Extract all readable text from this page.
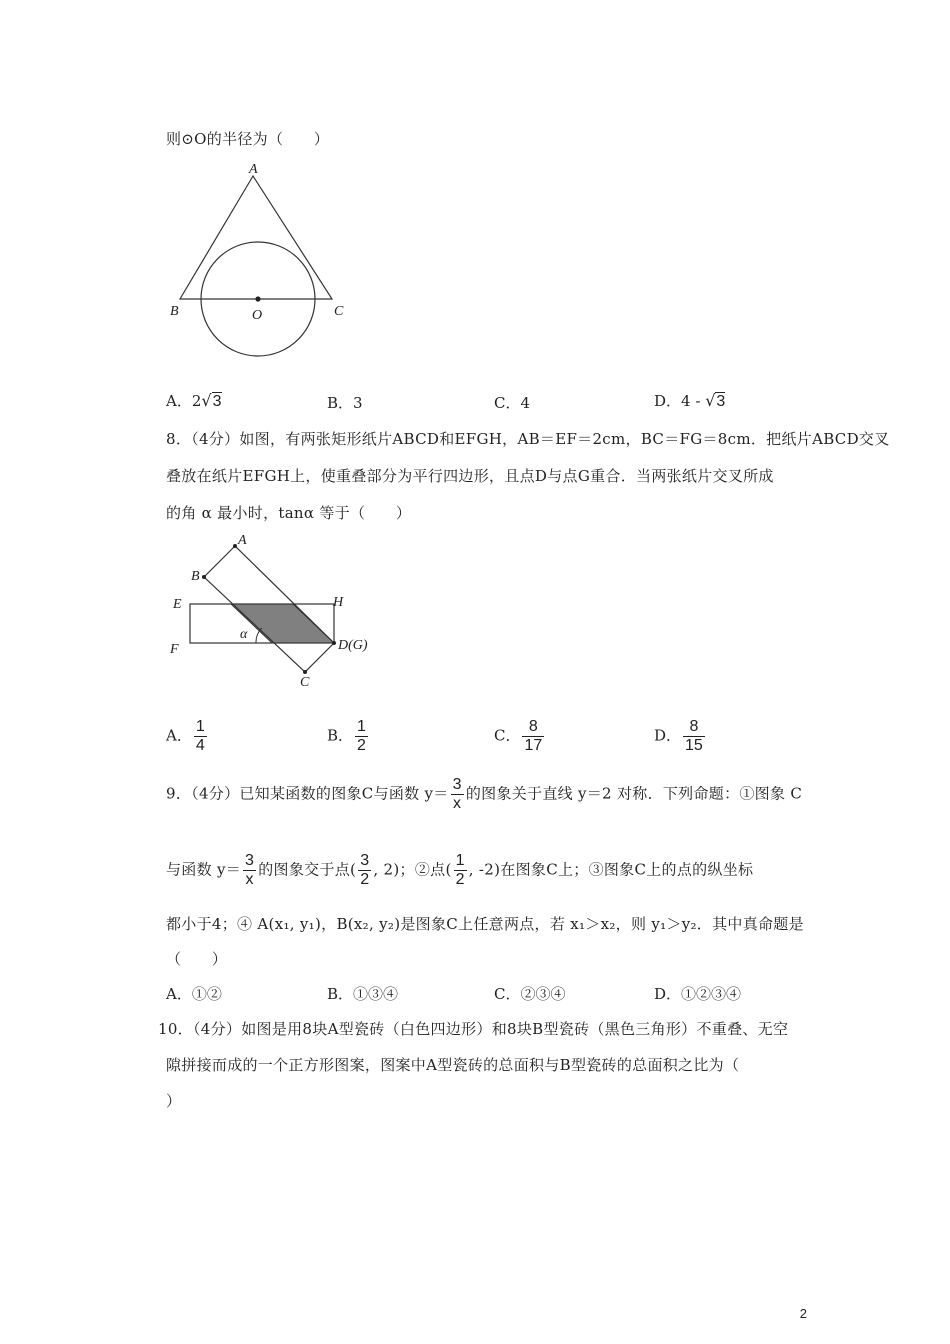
则⊙O的半径为（　　）
A
B	C
O
A．2√3	B．3	C．4	D．4 - √3
8．（4分）如图，有两张矩形纸片ABCD和EFGH，AB＝EF＝2cm，BC＝FG＝8cm．把纸片ABCD交叉
叠放在纸片EFGH上，使重叠部分为平行四边形，且点D与点G重合．当两张纸片交叉所成
的角 α 最小时，tanα 等于（　　）
A
B
E
F
H
D(G)
C
α
A． $\frac{1}{4}$	B． $\frac{1}{2}$	C． $\frac{8}{17}$	D． $\frac{8}{15}$
9．（4分）已知某函数的图象C与函数 $y= \frac{3}{x}$ 的图象关于直线 y＝2 对称．下列命题：①图象 C
与函数 $y= \frac{3}{x}$ 的图象交于点( $\frac{3}{2}$ , 2)；②点( $\frac{1}{2}$ , -2)在图象C上；③图象C上的点的纵坐标
都小于4；④ A(x₁, y₁)，B(x₂, y₂)是图象C上任意两点，若 x₁＞x₂，则 y₁＞y₂．其中真命题是
（　　）
A．①②	B．①③④	C．②③④	D．①②③④
10．（4分）如图是用8块A型瓷砖（白色四边形）和8块B型瓷砖（黑色三角形）不重叠、无空
隙拼接而成的一个正方形图案，图案中A型瓷砖的总面积与B型瓷砖的总面积之比为（
）
2
